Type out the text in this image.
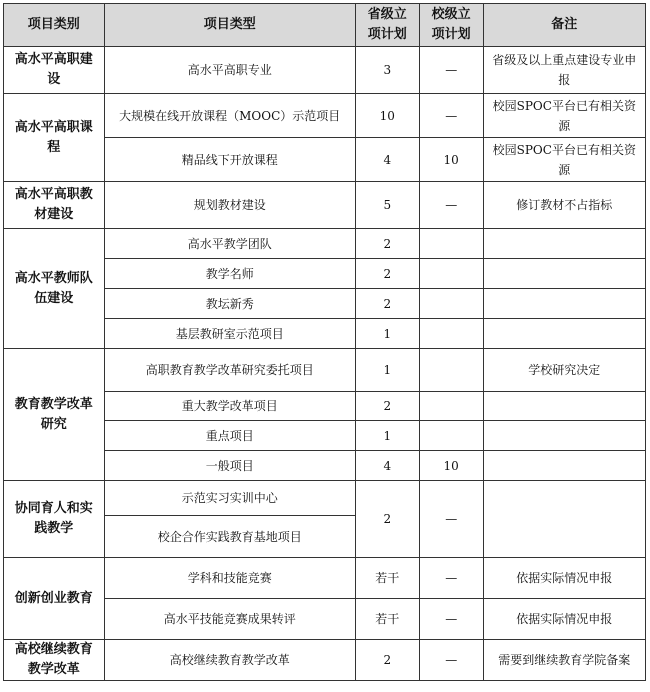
项目类别	项目类型	省级立项计划	校级立项计划	备注
高水平高职建设	高水平高职专业	3	—	省级及以上重点建设专业申报
高水平高职课程	大规模在线开放课程（MOOC）示范项目	10	—	校园SPOC平台已有相关资源
	精品线下开放课程	4	10	校园SPOC平台已有相关资源
高水平高职教材建设	规划教材建设	5	—	修订教材不占指标
高水平教师队伍建设	高水平教学团队	2		
	教学名师	2		
	教坛新秀	2		
	基层教研室示范项目	1		
教育教学改革研究	高职教育教学改革研究委托项目	1		学校研究决定
	重大教学改革项目	2		
	重点项目	1		
	一般项目	4	10	
协同育人和实践教学	示范实习实训中心	2	—	
	校企合作实践教育基地项目			
创新创业教育	学科和技能竞赛	若干	—	依据实际情况申报
	高水平技能竞赛成果转评	若干	—	依据实际情况申报
高校继续教育教学改革	高校继续教育教学改革	2	—	需要到继续教育学院备案
